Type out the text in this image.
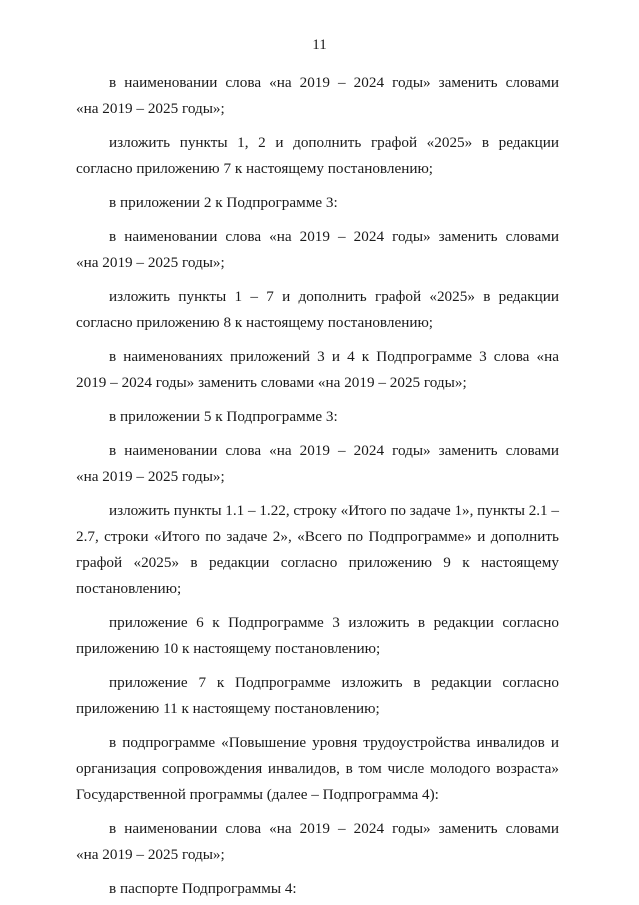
11
в наименовании слова «на 2019 – 2024 годы» заменить словами
«на 2019 – 2025 годы»;
изложить пункты 1, 2 и дополнить графой «2025» в редакции
согласно приложению 7 к настоящему постановлению;
в приложении 2 к Подпрограмме 3:
в наименовании слова «на 2019 – 2024 годы» заменить словами
«на 2019 – 2025 годы»;
изложить пункты 1 – 7 и дополнить графой «2025» в редакции
согласно приложению 8 к настоящему постановлению;
в наименованиях приложений 3 и 4 к Подпрограмме 3 слова «на
2019 – 2024 годы» заменить словами «на 2019 – 2025 годы»;
в приложении 5 к Подпрограмме 3:
в наименовании слова «на 2019 – 2024 годы» заменить словами
«на 2019 – 2025 годы»;
изложить пункты 1.1 – 1.22, строку «Итого по задаче 1», пункты 2.1 –
2.7, строки «Итого по задаче 2», «Всего по Подпрограмме» и дополнить
графой «2025» в редакции согласно приложению 9 к настоящему
постановлению;
приложение 6 к Подпрограмме 3 изложить в редакции согласно
приложению 10 к настоящему постановлению;
приложение 7 к Подпрограмме изложить в редакции согласно
приложению 11 к настоящему постановлению;
в подпрограмме «Повышение уровня трудоустройства инвалидов и
организация сопровождения инвалидов, в том числе молодого возраста»
Государственной программы (далее – Подпрограмма 4):
в наименовании слова «на 2019 – 2024 годы» заменить словами
«на 2019 – 2025 годы»;
в паспорте Подпрограммы 4:
